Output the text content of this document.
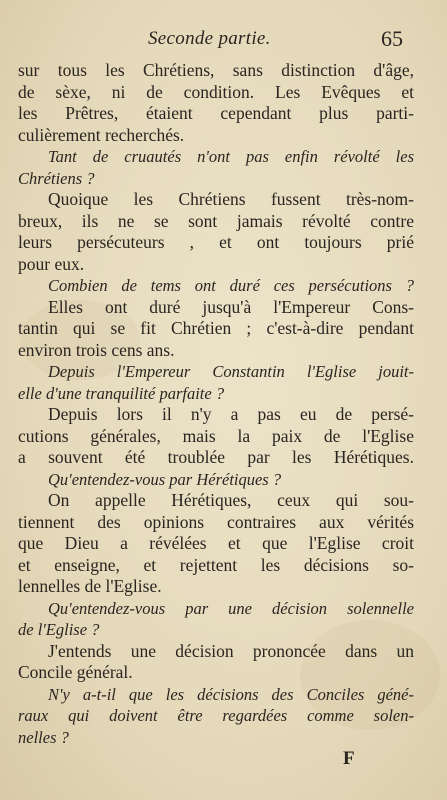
Seconde partie.	65
sur tous les Chrétiens, sans distinction d'âge,
de sèxe, ni de condition. Les Evêques et
les Prêtres, étaient cependant plus parti-
culièrement recherchés.
Tant de cruautés n'ont pas enfin révolté les
Chrétiens ?
Quoique les Chrétiens fussent très-nom-
breux, ils ne se sont jamais révolté contre
leurs persécuteurs , et ont toujours prié
pour eux.
Combien de tems ont duré ces persécutions ?
Elles ont duré jusqu'à l'Empereur Cons-
tantin qui se fit Chrétien ; c'est-à-dire pendant
environ trois cens ans.
Depuis l'Empereur Constantin l'Eglise jouit-
elle d'une tranquilité parfaite ?
Depuis lors il n'y a pas eu de persé-
cutions générales, mais la paix de l'Eglise
a souvent été troublée par les Hérétiques.
Qu'entendez-vous par Hérétiques ?
On appelle Hérétiques, ceux qui sou-
tiennent des opinions contraires aux vérités
que Dieu a révélées et que l'Eglise croit
et enseigne, et rejettent les décisions so-
lennelles de l'Eglise.
Qu'entendez-vous par une décision solennelle
de l'Eglise ?
J'entends une décision prononcée dans un
Concile général.
N'y a-t-il que les décisions des Conciles géné-
raux qui doivent être regardées comme solen-
nelles ?
F
